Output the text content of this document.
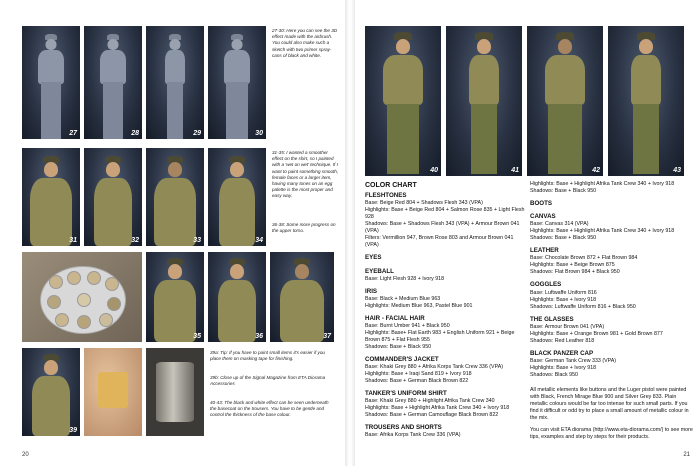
27	28	29	30
27-30: Here you can see the 3D effect made with the airbrush. You could also make such a sketch with two primer spray-cans of black and white.
31	32	33	34
31-35: I wanted a smoother effect on the shirt, so I painted with a 'wet on wet' technique. If I want to paint something smooth, female faces or a larger item, having many tones on an egg palette is the most proper and easy way.
36-38: Some more progress on the upper torso.
35	36	37
39
39a: Tip: If you have to paint small items it's easier if you place them on masking tape for finishing.
39b: Close up of the Signal Magazine from ETA Diorama Accessories
40-43: The black and white effect can be seen underneath the basecoat on the trousers. You have to be gentle and control the thickness of the base colour.
20
40	41	42	43
COLOR CHART
FLESHTONES

Base: Beige Red 804 + Shadows Flesh 343 (VPA)

Highlights: Base + Beige Red 804 + Salmon Rose 835 + Light Flesh 928

Shadows: Base + Shadows Flesh 343 (VPA) + Armour Brown 041 (VPA)

Filters: Vermillion 947, Brown Rose 803 and Armour Brown 041 (VPA)

EYES
EYEBALL

Base: Light Flesh 928 + Ivory 918

IRIS

Base: Black + Medium Blue 963

Highlights: Medium Blue 963, Pastel Blue 901

HAIR - FACIAL HAIR

Base: Burnt Umber 941 + Black 950

Highlights: Base+ Flat Earth 983 + English Uniform 921 + Beige Brown 875 + Flat Flesh 955

Shadows: Base + Black 950

COMMANDER'S JACKET

Base: Khaki Grey 880 + Afrika Korps Tank Crew 336 (VPA)

Highlights: Base + Iraqi Sand 819 + Ivory 918

Shadows: Base + German Black Brown 822

TANKER'S UNIFORM SHIRT

Base: Khaki Grey 880 + Highlight Afrika Tank Crew 340

Highlights: Base + Highlight Afrika Tank Crew 340 + Ivory 918

Shadows: Base + German Camouflage Black Brown 822

TROUSERS AND SHORTS

Base: Afrika Korps Tank Crew 336 (VPA)

Highlights: Base + Highlight Afrika Tank Crew 340 + Ivory 918

Shadows: Base + Black 950

BOOTS
CANVAS

Base: Canvas 314 (VPA)

Highlights: Base + Highlight Afrika Tank Crew 340 + Ivory 918

Shadows: Base + Black 950

LEATHER

Base: Chocolate Brown 872 + Flat Brown 984

Highlights: Base + Beige Brown 875

Shadows: Flat Brown 984 + Black 950

GOGGLES

Base: Luftwaffe Uniform 816

Highlights: Base + Ivory 918

Shadows: Luftwaffe Uniform 816 + Black 950

THE GLASSES

Base: Armour Brown 041 (VPA)

Highlights: Base + Orange Brown 981 + Gold Brown 877

Shadows: Red Leather 818

BLACK PANZER CAP

Base: German Tank Crew 333 (VPA)

Highlights: Base + Ivory 918

Shadows: Black 950

All metallic elements like buttons and the Luger pistol were painted with Black, French Mirage Blue 900 and Silver Grey 833. Plain metallic colours would be far too intense for such small parts. If you find it difficult or odd try to place a small amount of metallic colour in the mix.

You can visit ETA diorama (http://www.eta-diorama.com/) to see more tips, examples and step by steps for their products.

21
